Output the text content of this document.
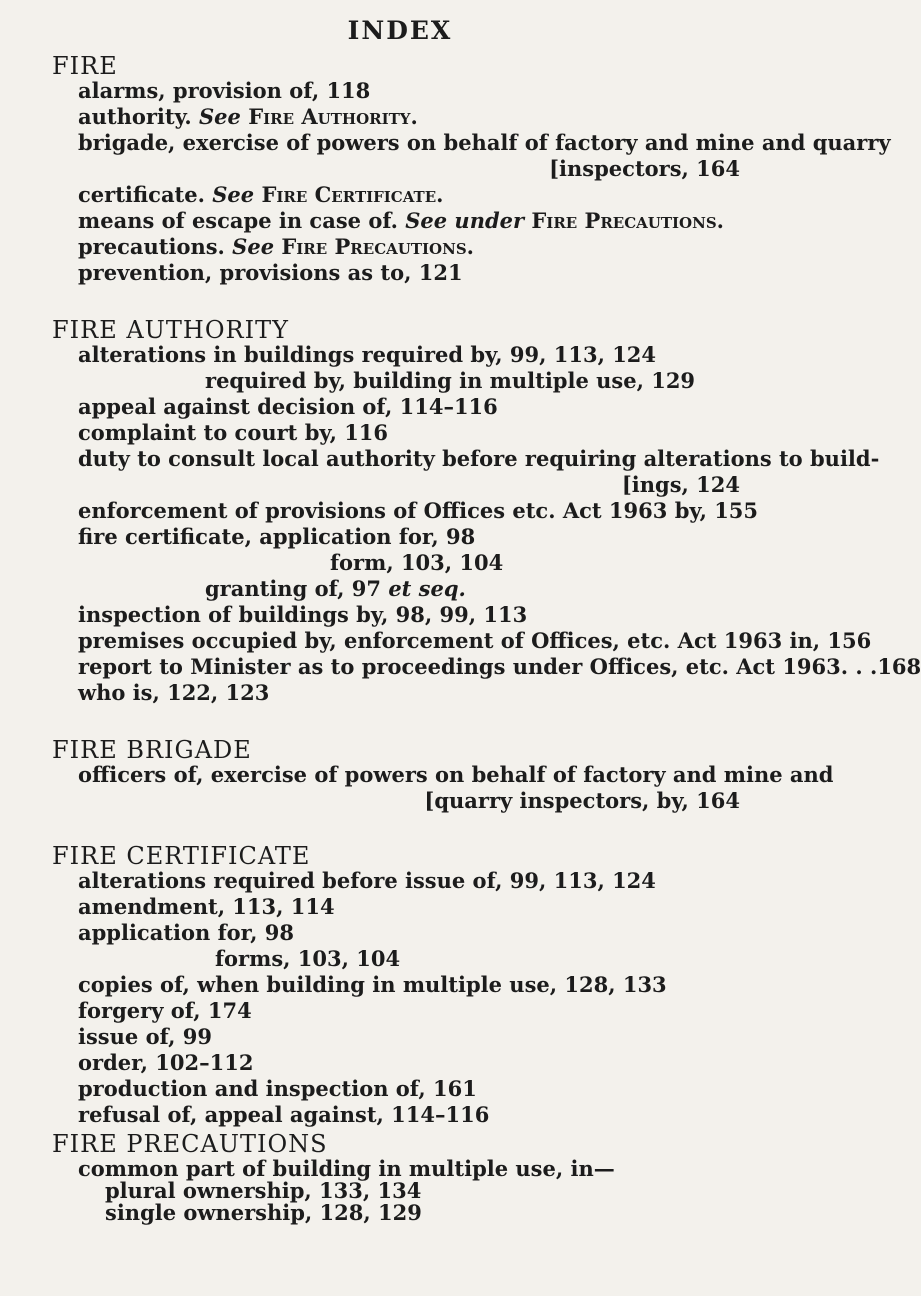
INDEX
FIRE
alarms, provision of, 118
authority. See Fire Authority.
brigade, exercise of powers on behalf of factory and mine and quarry
[inspectors, 164
certificate. See Fire Certificate.
means of escape in case of. See under Fire Precautions.
precautions. See Fire Precautions.
prevention, provisions as to, 121
FIRE AUTHORITY
alterations in buildings required by, 99, 113, 124
required by, building in multiple use, 129
appeal against decision of, 114–116
complaint to court by, 116
duty to consult local authority before requiring alterations to build-
[ings, 124
enforcement of provisions of Offices etc. Act 1963 by, 155
fire certificate, application for, 98
form, 103, 104
granting of, 97 et seq.
inspection of buildings by, 98, 99, 113
premises occupied by, enforcement of Offices, etc. Act 1963 in, 156
report to Minister as to proceedings under Offices, etc. Act 1963. . .168
who is, 122, 123
FIRE BRIGADE
officers of, exercise of powers on behalf of factory and mine and
[quarry inspectors, by, 164
FIRE CERTIFICATE
alterations required before issue of, 99, 113, 124
amendment, 113, 114
application for, 98
forms, 103, 104
copies of, when building in multiple use, 128, 133
forgery of, 174
issue of, 99
order, 102–112
production and inspection of, 161
refusal of, appeal against, 114–116
FIRE PRECAUTIONS
common part of building in multiple use, in—
plural ownership, 133, 134
single ownership, 128, 129
